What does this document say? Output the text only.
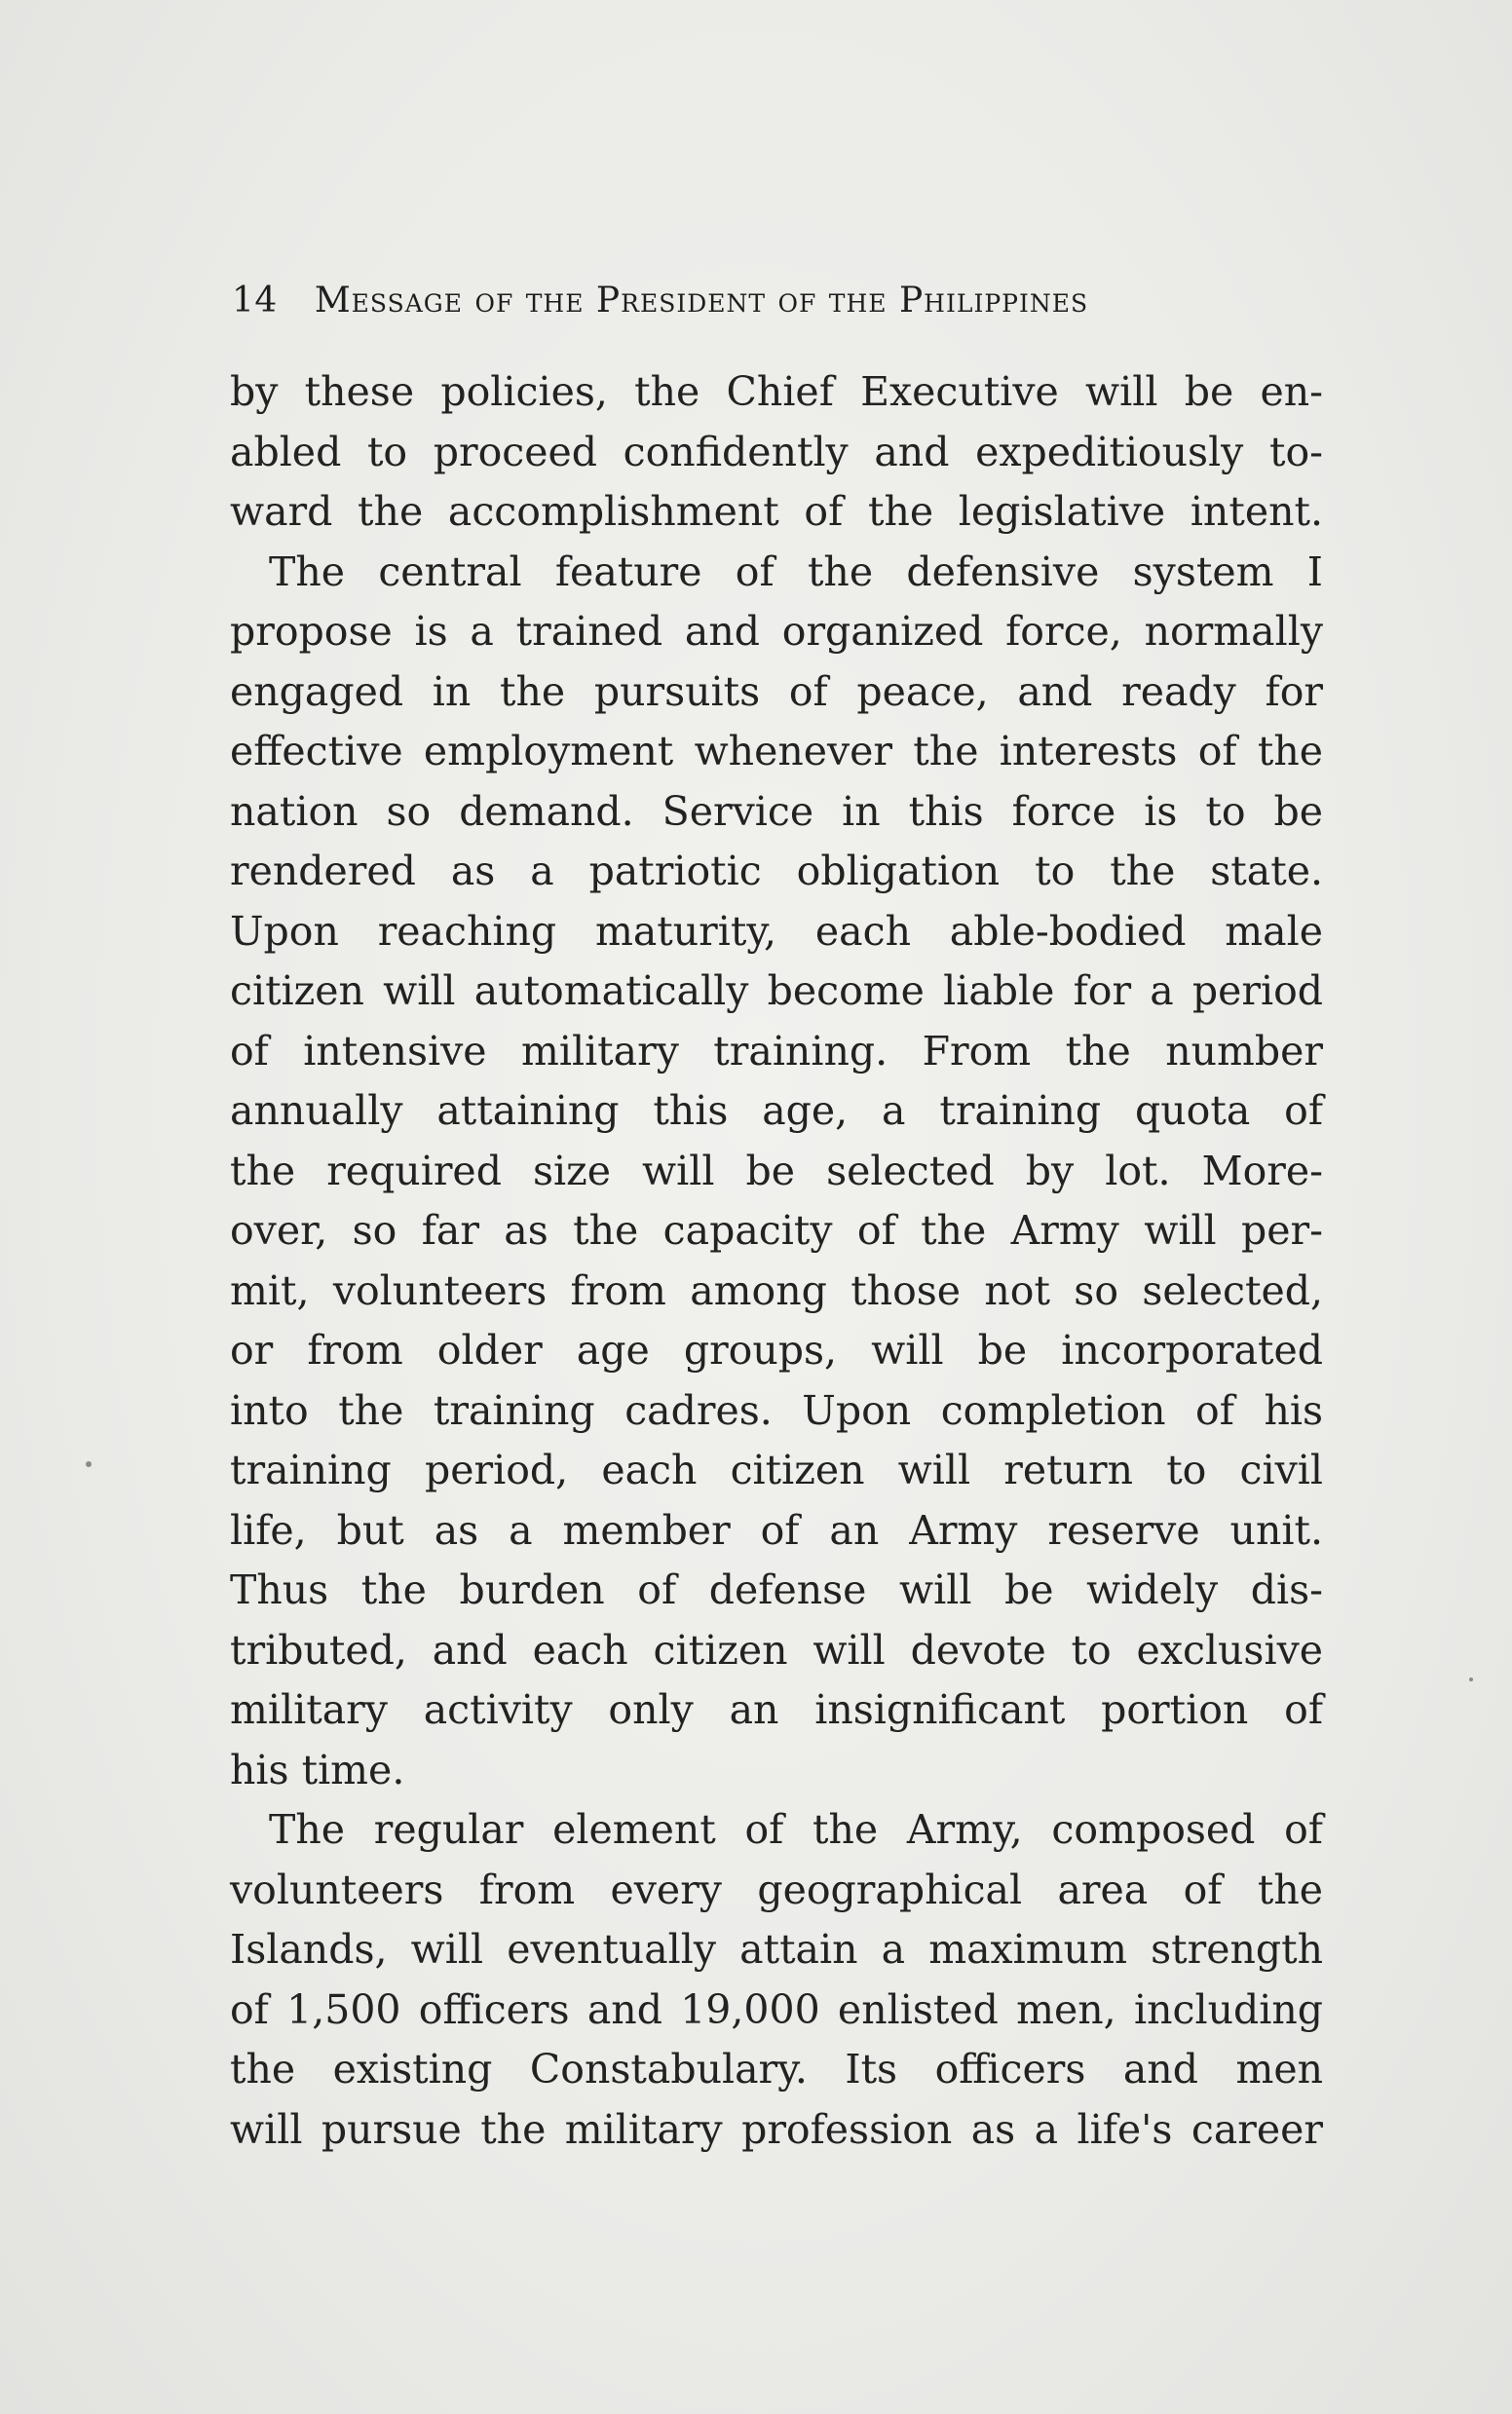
14 Message of the President of the Philippines
by these policies, the Chief Executive will be en-
abled to proceed confidently and expeditiously to-
ward the accomplishment of the legislative intent.
The central feature of the defensive system I
propose is a trained and organized force, normally
engaged in the pursuits of peace, and ready for
effective employment whenever the interests of the
nation so demand. Service in this force is to be
rendered as a patriotic obligation to the state.
Upon reaching maturity, each able-bodied male
citizen will automatically become liable for a period
of intensive military training. From the number
annually attaining this age, a training quota of
the required size will be selected by lot. More-
over, so far as the capacity of the Army will per-
mit, volunteers from among those not so selected,
or from older age groups, will be incorporated
into the training cadres. Upon completion of his
training period, each citizen will return to civil
life, but as a member of an Army reserve unit.
Thus the burden of defense will be widely dis-
tributed, and each citizen will devote to exclusive
military activity only an insignificant portion of
his time.
The regular element of the Army, composed of
volunteers from every geographical area of the
Islands, will eventually attain a maximum strength
of 1,500 officers and 19,000 enlisted men, including
the existing Constabulary. Its officers and men
will pursue the military profession as a life's career
